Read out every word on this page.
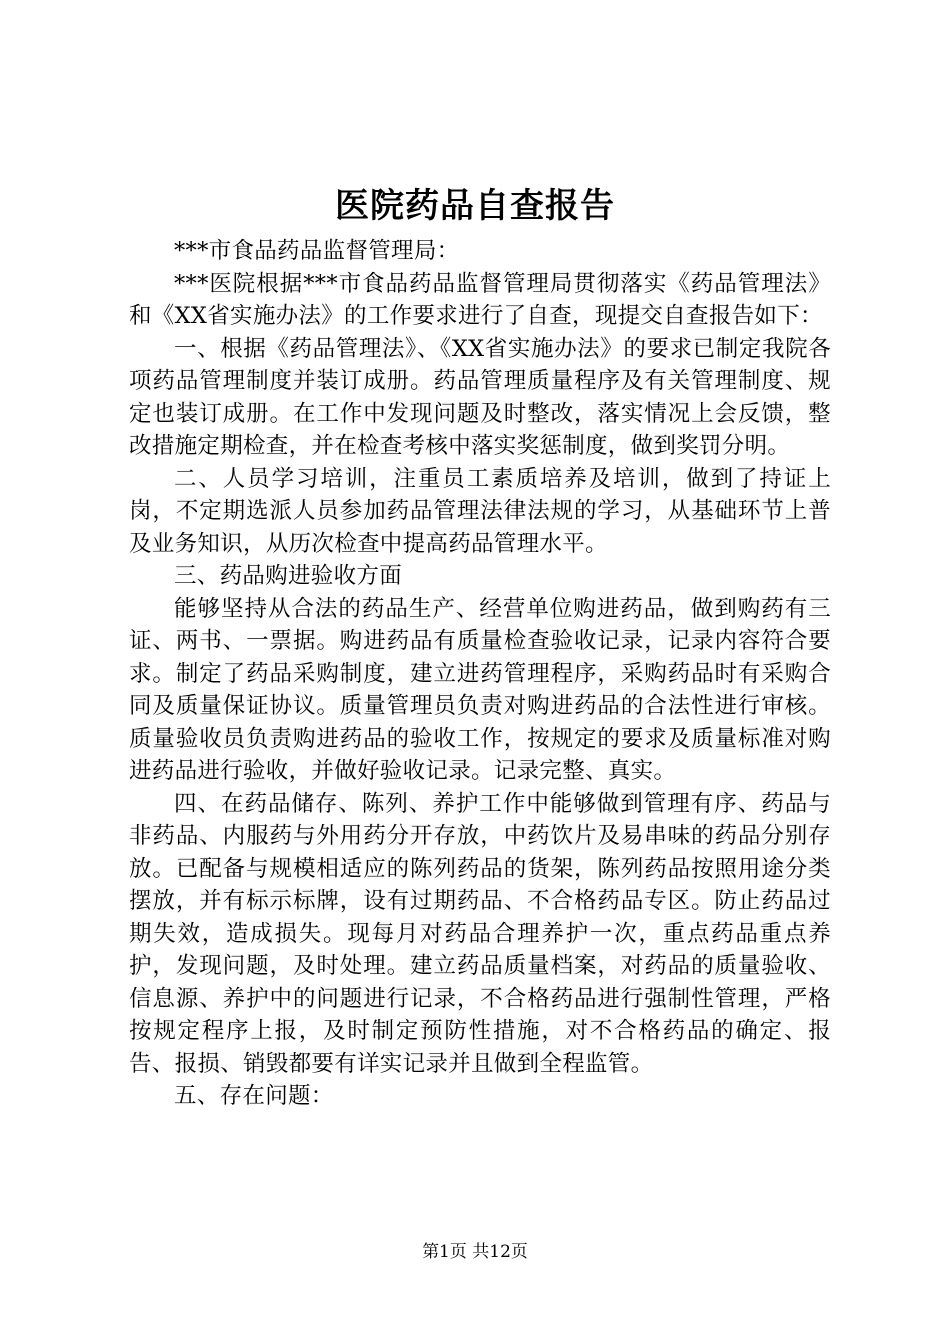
医院药品自查报告

***市食品药品监督管理局：

***医院根据***市食品药品监督管理局贯彻落实《药品管理法》和《XX省实施办法》的工作要求进行了自查，现提交自查报告如下：

一、根据《药品管理法》、《XX省实施办法》的要求已制定我院各项药品管理制度并装订成册。药品管理质量程序及有关管理制度、规定也装订成册。在工作中发现问题及时整改，落实情况上会反馈，整改措施定期检查，并在检查考核中落实奖惩制度，做到奖罚分明。

二、人员学习培训，注重员工素质培养及培训，做到了持证上岗，不定期选派人员参加药品管理法律法规的学习，从基础环节上普及业务知识，从历次检查中提高药品管理水平。

三、药品购进验收方面

能够坚持从合法的药品生产、经营单位购进药品，做到购药有三证、两书、一票据。购进药品有质量检查验收记录，记录内容符合要求。制定了药品采购制度，建立进药管理程序，采购药品时有采购合同及质量保证协议。质量管理员负责对购进药品的合法性进行审核。质量验收员负责购进药品的验收工作，按规定的要求及质量标准对购进药品进行验收，并做好验收记录。记录完整、真实。

四、在药品储存、陈列、养护工作中能够做到管理有序、药品与非药品、内服药与外用药分开存放，中药饮片及易串味的药品分别存放。已配备与规模相适应的陈列药品的货架，陈列药品按照用途分类摆放，并有标示标牌，设有过期药品、不合格药品专区。防止药品过期失效，造成损失。现每月对药品合理养护一次，重点药品重点养护，发现问题，及时处理。建立药品质量档案，对药品的质量验收、信息源、养护中的问题进行记录，不合格药品进行强制性管理，严格按规定程序上报，及时制定预防性措施，对不合格药品的确定、报告、报损、销毁都要有详实记录并且做到全程监管。

五、存在问题：

第1页 共12页
